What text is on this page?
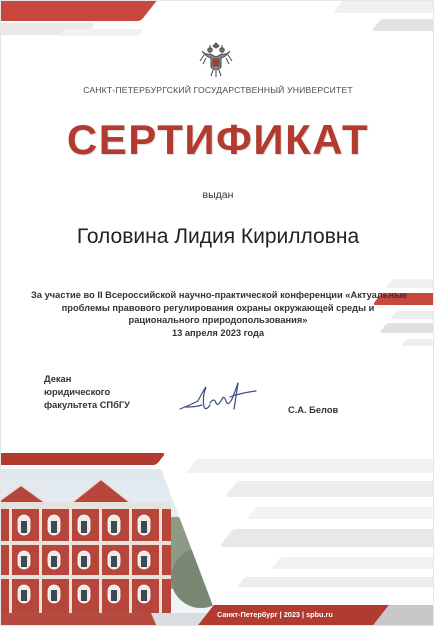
САНКТ-ПЕТЕРБУРГСКИЙ ГОСУДАРСТВЕННЫЙ УНИВЕРСИТЕТ
СЕРТИФИКАТ
выдан
Головина Лидия Кирилловна
За участие во II Всероссийской научно-практической конференции «Актуальные
проблемы правового регулирования охраны окружающей среды и
рационального природопользования»
13 апреля 2023 года
Декан
юридического
факультета СПбГУ	С.А. Белов
Санкт-Петербург | 2023 | spbu.ru
